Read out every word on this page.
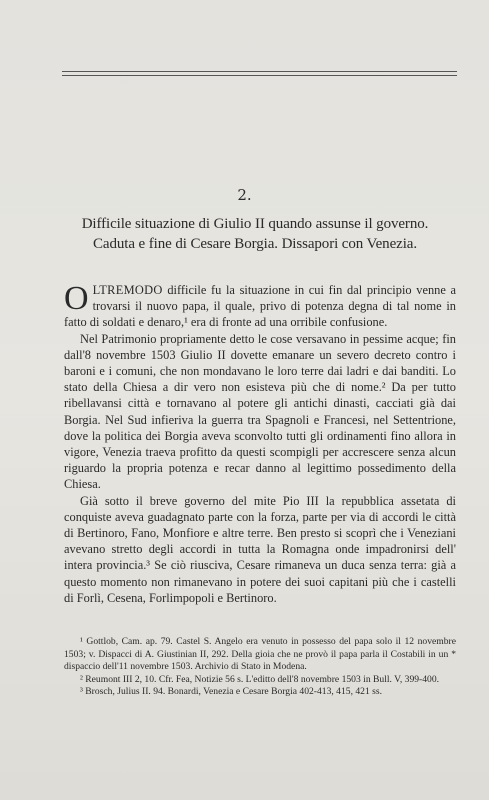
2.
Difficile situazione di Giulio II quando assunse il governo.
Caduta e fine di Cesare Borgia. Dissapori con Venezia.

OLTREMODO difficile fu la situazione in cui fin dal principio venne a trovarsi il nuovo papa, il quale, privo di potenza degna di tal nome in fatto di soldati e denaro,¹ era di fronte ad una orribile confusione.

Nel Patrimonio propriamente detto le cose versavano in pessime acque; fin dall'8 novembre 1503 Giulio II dovette emanare un severo decreto contro i baroni e i comuni, che non mondavano le loro terre dai ladri e dai banditi. Lo stato della Chiesa a dir vero non esisteva più che di nome.² Da per tutto ribellavansi città e tornavano al potere gli antichi dinasti, cacciati già dai Borgia. Nel Sud infieriva la guerra tra Spagnoli e Francesi, nel Settentrione, dove la politica dei Borgia aveva sconvolto tutti gli ordinamenti fino allora in vigore, Venezia traeva profitto da questi scompigli per accrescere senza alcun riguardo la propria potenza e recar danno al legittimo possedimento della Chiesa.

Già sotto il breve governo del mite Pio III la repubblica assetata di conquiste aveva guadagnato parte con la forza, parte per via di accordi le città di Bertinoro, Fano, Monfiore e altre terre. Ben presto si scoprì che i Veneziani avevano stretto degli accordi in tutta la Romagna onde impadronirsi dell' intera provincia.³ Se ciò riusciva, Cesare rimaneva un duca senza terra: già a questo momento non rimanevano in potere dei suoi capitani più che i castelli di Forlì, Cesena, Forlimpopoli e Bertinoro.

¹ Gottlob, Cam. ap. 79. Castel S. Angelo era venuto in possesso del papa solo il 12 novembre 1503; v. Dispacci di A. Giustinian II, 292. Della gioia che ne provò il papa parla il Costabili in un * dispaccio dell'11 novembre 1503. Archivio di Stato in Modena.

² Reumont III 2, 10. Cfr. Fea, Notizie 56 s. L'editto dell'8 novembre 1503 in Bull. V, 399-400.

³ Brosch, Julius II. 94. Bonardi, Venezia e Cesare Borgia 402-413, 415, 421 ss.
